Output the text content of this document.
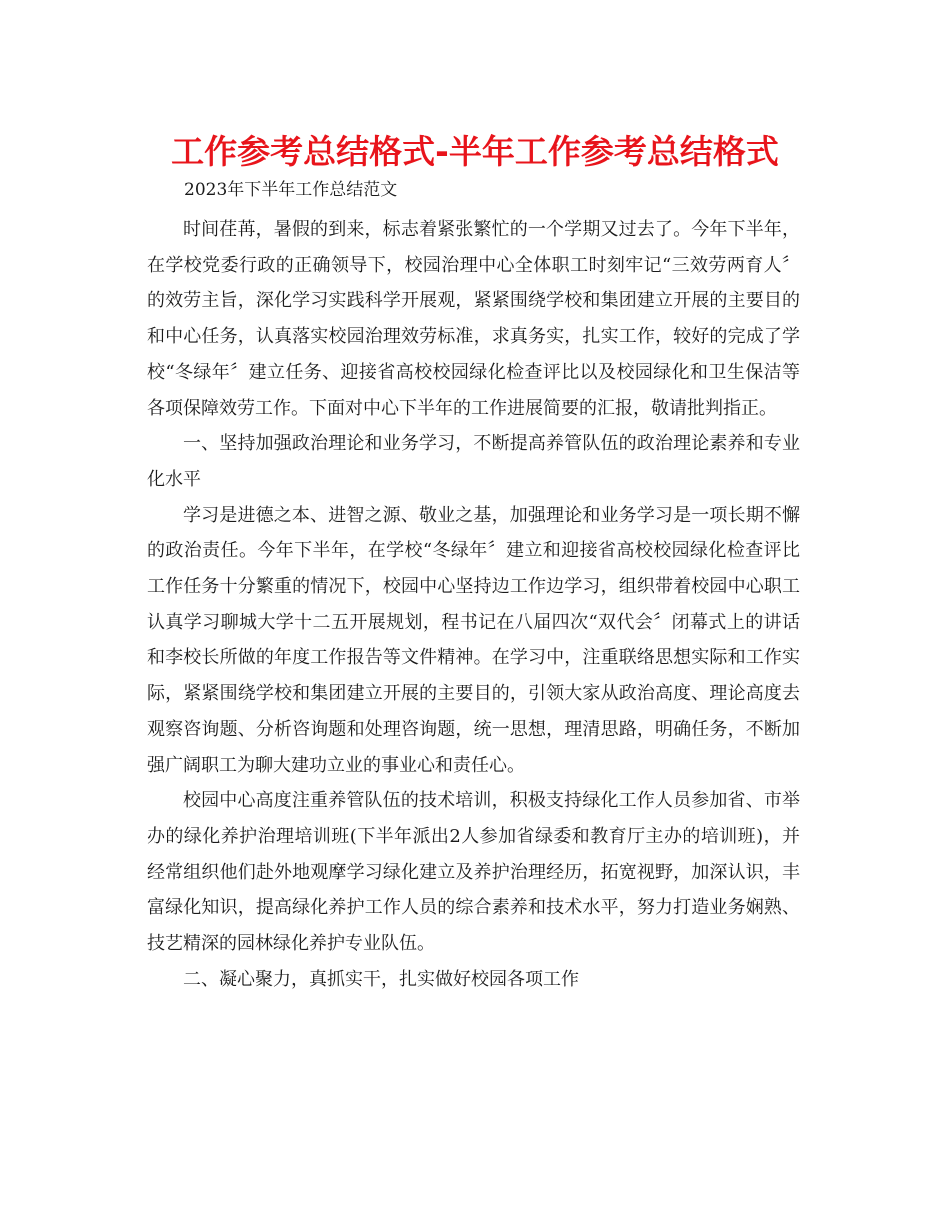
工作参考总结格式-半年工作参考总结格式
2023年下半年工作总结范文

时间荏苒，暑假的到来，标志着紧张繁忙的一个学期又过去了。今年下半年，在学校党委行政的正确领导下，校园治理中心全体职工时刻牢记“三效劳两育人〞的效劳主旨，深化学习实践科学开展观，紧紧围绕学校和集团建立开展的主要目的和中心任务，认真落实校园治理效劳标准，求真务实，扎实工作，较好的完成了学校“冬绿年〞建立任务、迎接省高校校园绿化检查评比以及校园绿化和卫生保洁等各项保障效劳工作。下面对中心下半年的工作进展简要的汇报，敬请批判指正。

一、坚持加强政治理论和业务学习，不断提高养管队伍的政治理论素养和专业化水平

学习是进德之本、进智之源、敬业之基，加强理论和业务学习是一项长期不懈的政治责任。今年下半年，在学校“冬绿年〞建立和迎接省高校校园绿化检查评比工作任务十分繁重的情况下，校园中心坚持边工作边学习，组织带着校园中心职工认真学习聊城大学十二五开展规划，程书记在八届四次“双代会〞闭幕式上的讲话和李校长所做的年度工作报告等文件精神。在学习中，注重联络思想实际和工作实际，紧紧围绕学校和集团建立开展的主要目的，引领大家从政治高度、理论高度去观察咨询题、分析咨询题和处理咨询题，统一思想，理清思路，明确任务，不断加强广阔职工为聊大建功立业的事业心和责任心。

校园中心高度注重养管队伍的技术培训，积极支持绿化工作人员参加省、市举办的绿化养护治理培训班(下半年派出2人参加省绿委和教育厅主办的培训班)，并经常组织他们赴外地观摩学习绿化建立及养护治理经历，拓宽视野，加深认识，丰富绿化知识，提高绿化养护工作人员的综合素养和技术水平，努力打造业务娴熟、技艺精深的园林绿化养护专业队伍。

二、凝心聚力，真抓实干，扎实做好校园各项工作
